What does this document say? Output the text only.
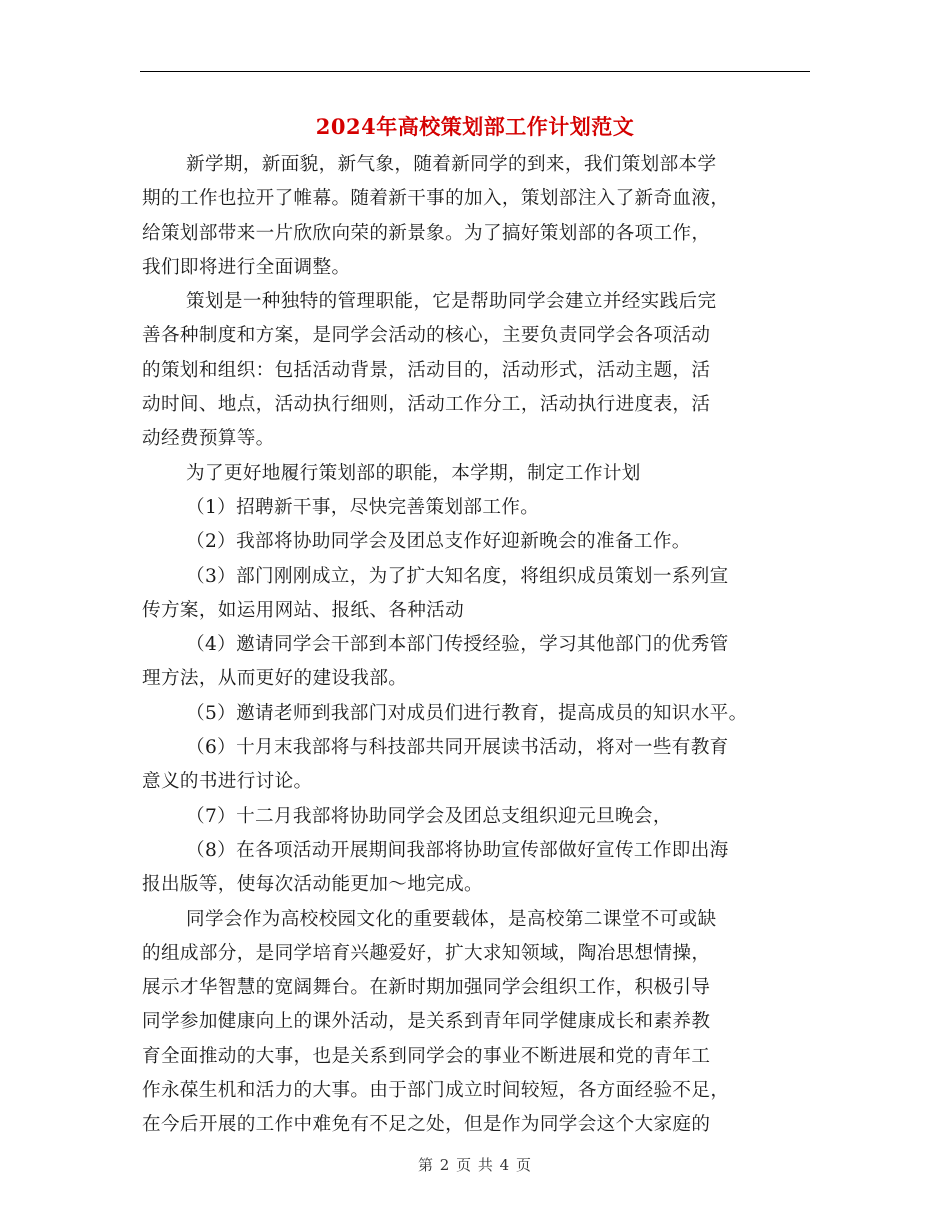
2024年高校策划部工作计划范文
新学期，新面貌，新气象，随着新同学的到来，我们策划部本学
期的工作也拉开了帷幕。随着新干事的加入，策划部注入了新奇血液，
给策划部带来一片欣欣向荣的新景象。为了搞好策划部的各项工作，
我们即将进行全面调整。
策划是一种独特的管理职能，它是帮助同学会建立并经实践后完
善各种制度和方案，是同学会活动的核心，主要负责同学会各项活动
的策划和组织：包括活动背景，活动目的，活动形式，活动主题，活
动时间、地点，活动执行细则，活动工作分工，活动执行进度表，活
动经费预算等。
为了更好地履行策划部的职能，本学期，制定工作计划
（1）招聘新干事，尽快完善策划部工作。
（2）我部将协助同学会及团总支作好迎新晚会的准备工作。
（3）部门刚刚成立，为了扩大知名度，将组织成员策划一系列宣
传方案，如运用网站、报纸、各种活动
（4）邀请同学会干部到本部门传授经验，学习其他部门的优秀管
理方法，从而更好的建设我部。
（5）邀请老师到我部门对成员们进行教育，提高成员的知识水平。
（6）十月末我部将与科技部共同开展读书活动，将对一些有教育
意义的书进行讨论。
（7）十二月我部将协助同学会及团总支组织迎元旦晚会，
（8）在各项活动开展期间我部将协助宣传部做好宣传工作即出海
报出版等，使每次活动能更加～地完成。
同学会作为高校校园文化的重要载体，是高校第二课堂不可或缺
的组成部分，是同学培育兴趣爱好，扩大求知领域，陶冶思想情操，
展示才华智慧的宽阔舞台。在新时期加强同学会组织工作，积极引导
同学参加健康向上的课外活动，是关系到青年同学健康成长和素养教
育全面推动的大事，也是关系到同学会的事业不断进展和党的青年工
作永葆生机和活力的大事。由于部门成立时间较短，各方面经验不足，
在今后开展的工作中难免有不足之处，但是作为同学会这个大家庭的
第 2 页 共 4 页
